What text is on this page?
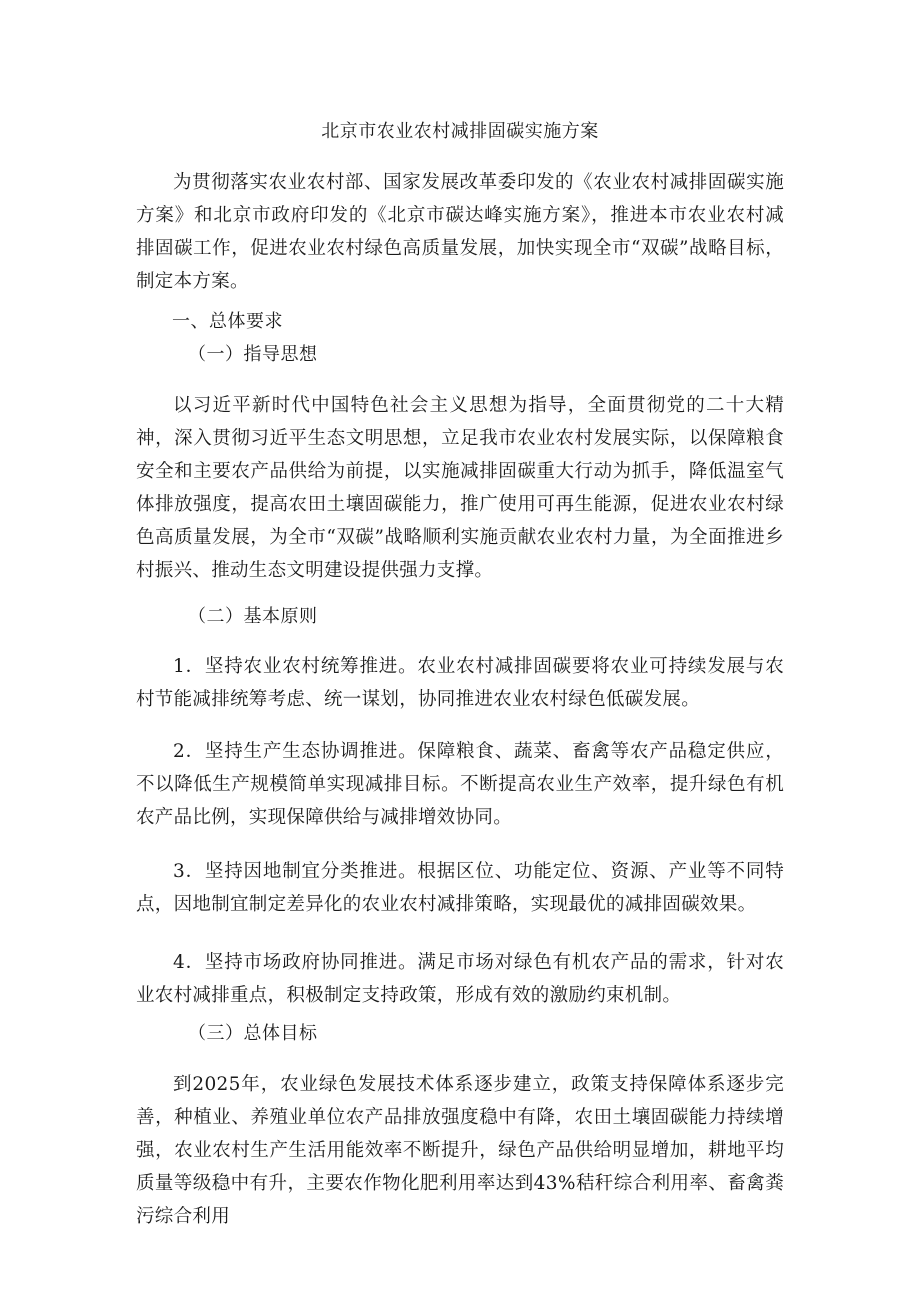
北京市农业农村减排固碳实施方案

为贯彻落实农业农村部、国家发展改革委印发的《农业农村减排固碳实施方案》和北京市政府印发的《北京市碳达峰实施方案》，推进本市农业农村减排固碳工作，促进农业农村绿色高质量发展，加快实现全市“双碳”战略目标，制定本方案。

一、总体要求

（一）指导思想

以习近平新时代中国特色社会主义思想为指导，全面贯彻党的二十大精神，深入贯彻习近平生态文明思想，立足我市农业农村发展实际，以保障粮食安全和主要农产品供给为前提，以实施减排固碳重大行动为抓手，降低温室气体排放强度，提高农田土壤固碳能力，推广使用可再生能源，促进农业农村绿色高质量发展，为全市“双碳”战略顺利实施贡献农业农村力量，为全面推进乡村振兴、推动生态文明建设提供强力支撑。

（二）基本原则

1．坚持农业农村统筹推进。农业农村减排固碳要将农业可持续发展与农村节能减排统筹考虑、统一谋划，协同推进农业农村绿色低碳发展。

2．坚持生产生态协调推进。保障粮食、蔬菜、畜禽等农产品稳定供应，不以降低生产规模简单实现减排目标。不断提高农业生产效率，提升绿色有机农产品比例，实现保障供给与减排增效协同。

3．坚持因地制宜分类推进。根据区位、功能定位、资源、产业等不同特点，因地制宜制定差异化的农业农村减排策略，实现最优的减排固碳效果。

4．坚持市场政府协同推进。满足市场对绿色有机农产品的需求，针对农业农村减排重点，积极制定支持政策，形成有效的激励约束机制。

（三）总体目标

到2025年，农业绿色发展技术体系逐步建立，政策支持保障体系逐步完善，种植业、养殖业单位农产品排放强度稳中有降，农田土壤固碳能力持续增强，农业农村生产生活用能效率不断提升，绿色产品供给明显增加，耕地平均质量等级稳中有升，主要农作物化肥利用率达到43%秸秆综合利用率、畜禽粪污综合利用
